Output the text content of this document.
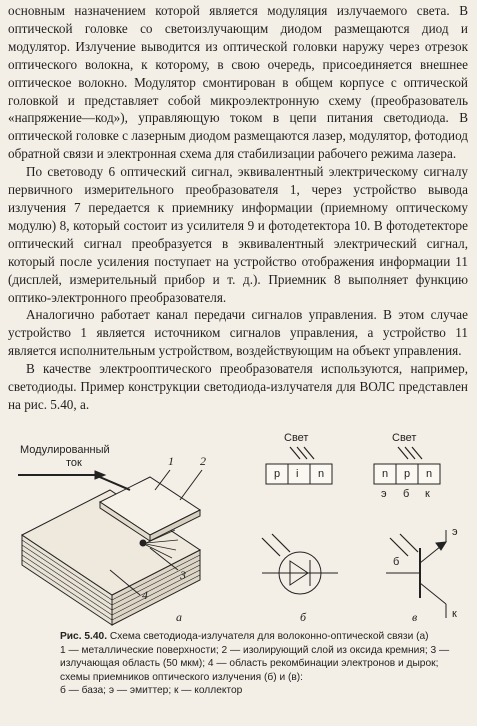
основным назначением которой является модуляция излучаемого света. В оптической головке со светоизлучающим диодом размещаются диод и модулятор. Излучение выводится из оптической головки наружу через отрезок оптического волокна, к которому, в свою очередь, присоединяется внешнее оптическое волокно. Модулятор смонтирован в общем корпусе с оптической головкой и представляет собой микроэлектронную схему (преобразователь «напряжение—код»), управляющую током в цепи питания светодиода. В оптической головке с лазерным диодом размещаются лазер, модулятор, фотодиод обратной связи и электронная схема для стабилизации рабочего режима лазера.

По световоду 6 оптический сигнал, эквивалентный электрическому сигналу первичного измерительного преобразователя 1, через устройство вывода излучения 7 передается к приемнику информации (приемному оптическому модулю) 8, который состоит из усилителя 9 и фотодетектора 10. В фотодетекторе оптический сигнал преобразуется в эквивалентный электрический сигнал, который после усиления поступает на устройство отображения информации 11 (дисплей, измерительный прибор и т. д.). Приемник 8 выполняет функцию оптико-электронного преобразователя.

Аналогично работает канал передачи сигналов управления. В этом случае устройство 1 является источником сигналов управления, а устройство 11 является исполнительным устройством, воздействующим на объект управления.

В качестве электрооптического преобразователя используются, например, светодиоды. Пример конструкции светодиода-излучателя для ВОЛС представлен на рис. 5.40, а.

Модулированный
ток	1 2
3
4
Свет
p i n
Свет
n p n
э б к
э
б
к
а	б	в
Рис. 5.40. Схема светодиода-излучателя для волоконно-оптической связи (а)
1 — металлические поверхности; 2 — изолирующий слой из оксида кремния; 3 — излучающая область (50 мкм); 4 — область рекомбинации электронов и дырок;
схемы приемников оптического излучения (б) и (в):
б — база; э — эмиттер; к — коллектор
